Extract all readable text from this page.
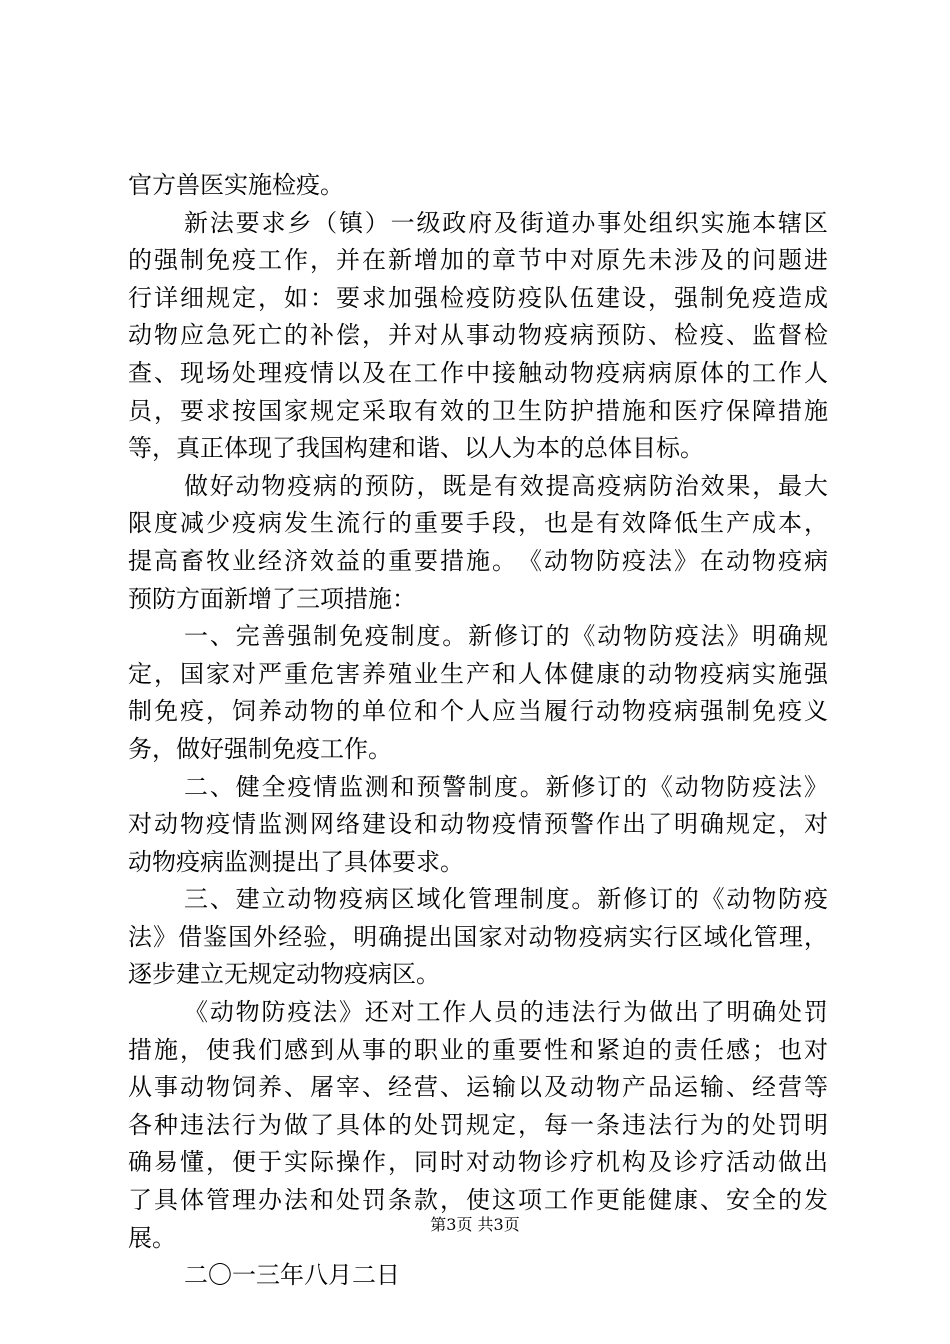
官 方 兽 医 实 施 检 疫 。
新 法 要 求 乡 （ 镇 ） 一 级 政 府 及 街 道 办 事 处 组 织 实 施 本 辖 区
的 强 制 免 疫 工 作 ， 并 在 新 增 加 的 章 节 中 对 原 先 未 涉 及 的 问 题 进
行 详 细 规 定 ， 如 ： 要 求 加 强 检 疫 防 疫 队 伍 建 设 ， 强 制 免 疫 造 成
动 物 应 急 死 亡 的 补 偿 ， 并 对 从 事 动 物 疫 病 预 防 、 检 疫 、 监 督 检
查 、 现 场 处 理 疫 情 以 及 在 工 作 中 接 触 动 物 疫 病 病 原 体 的 工 作 人
员 ， 要 求 按 国 家 规 定 采 取 有 效 的 卫 生 防 护 措 施 和 医 疗 保 障 措 施
等 ， 真 正 体 现 了 我 国 构 建 和 谐 、 以 人 为 本 的 总 体 目 标 。
做 好 动 物 疫 病 的 预 防 ， 既 是 有 效 提 高 疫 病 防 治 效 果 ， 最 大
限 度 减 少 疫 病 发 生 流 行 的 重 要 手 段 ， 也 是 有 效 降 低 生 产 成 本 ，
提 高 畜 牧 业 经 济 效 益 的 重 要 措 施 。 《 动 物 防 疫 法 》 在 动 物 疫 病
预 防 方 面 新 增 了 三 项 措 施 ：
一 、 完 善 强 制 免 疫 制 度 。 新 修 订 的 《 动 物 防 疫 法 》 明 确 规
定 ， 国 家 对 严 重 危 害 养 殖 业 生 产 和 人 体 健 康 的 动 物 疫 病 实 施 强
制 免 疫 ， 饲 养 动 物 的 单 位 和 个 人 应 当 履 行 动 物 疫 病 强 制 免 疫 义
务 ， 做 好 强 制 免 疫 工 作 。
二 、 健 全 疫 情 监 测 和 预 警 制 度 。 新 修 订 的 《 动 物 防 疫 法 》
对 动 物 疫 情 监 测 网 络 建 设 和 动 物 疫 情 预 警 作 出 了 明 确 规 定 ， 对
动 物 疫 病 监 测 提 出 了 具 体 要 求 。
三 、 建 立 动 物 疫 病 区 域 化 管 理 制 度 。 新 修 订 的 《 动 物 防 疫
法 》 借 鉴 国 外 经 验 ， 明 确 提 出 国 家 对 动 物 疫 病 实 行 区 域 化 管 理 ，
逐 步 建 立 无 规 定 动 物 疫 病 区 。
《 动 物 防 疫 法 》 还 对 工 作 人 员 的 违 法 行 为 做 出 了 明 确 处 罚
措 施 ， 使 我 们 感 到 从 事 的 职 业 的 重 要 性 和 紧 迫 的 责 任 感 ； 也 对
从 事 动 物 饲 养 、 屠 宰 、 经 营 、 运 输 以 及 动 物 产 品 运 输 、 经 营 等
各 种 违 法 行 为 做 了 具 体 的 处 罚 规 定 ， 每 一 条 违 法 行 为 的 处 罚 明
确 易 懂 ， 便 于 实 际 操 作 ， 同 时 对 动 物 诊 疗 机 构 及 诊 疗 活 动 做 出
了 具 体 管 理 办 法 和 处 罚 条 款 ， 使 这 项 工 作 更 能 健 康 、 安 全 的 发
展 。
二 〇 一 三 年 八 月 二 日
第3页 共3页
